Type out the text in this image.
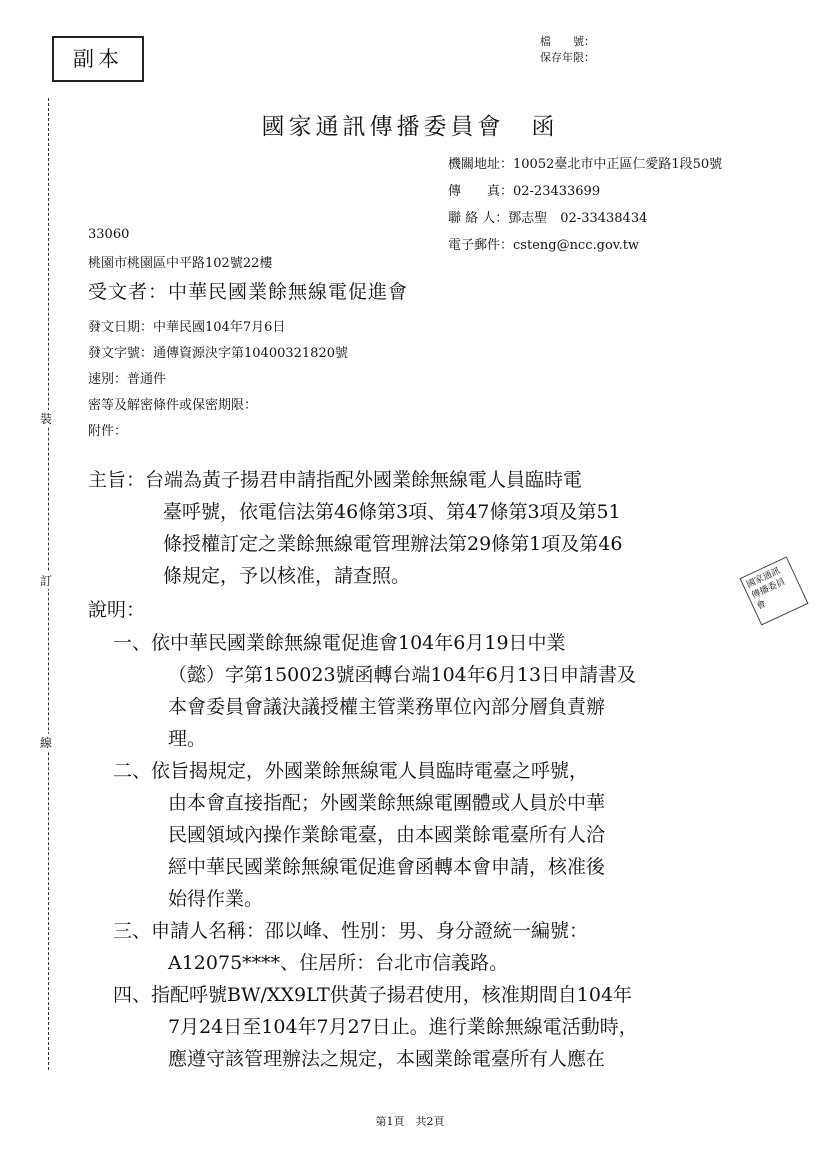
裝
訂
線
副本
檔　　號：
保存年限：
國家通訊傳播委員會　函
機關地址：10052臺北市中正區仁愛路1段50號
傳　　真：02-23433699
聯 絡 人：鄧志聖　02-33438434
電子郵件：csteng@ncc.gov.tw
33060
桃園市桃園區中平路102號22樓
受文者：中華民國業餘無線電促進會
發文日期：中華民國104年7月6日
發文字號：通傳資源決字第10400321820號
速別：普通件
密等及解密條件或保密期限：
附件：
主旨：台端為黃子揚君申請指配外國業餘無線電人員臨時電
臺呼號，依電信法第46條第3項、第47條第3項及第51
條授權訂定之業餘無線電管理辦法第29條第1項及第46
條規定，予以核准，請查照。
說明：
一、依中華民國業餘無線電促進會104年6月19日中業
（懿）字第150023號函轉台端104年6月13日申請書及
本會委員會議決議授權主管業務單位內部分層負責辦
理。
二、依旨揭規定，外國業餘無線電人員臨時電臺之呼號，
由本會直接指配；外國業餘無線電團體或人員於中華
民國領域內操作業餘電臺，由本國業餘電臺所有人洽
經中華民國業餘無線電促進會函轉本會申請，核准後
始得作業。
三、申請人名稱：邵以峰、性別：男、身分證統一編號：
A12075****、住居所：台北市信義路。
四、指配呼號BW/XX9LT供黃子揚君使用，核准期間自104年
7月24日至104年7月27日止。進行業餘無線電活動時，
應遵守該管理辦法之規定，本國業餘電臺所有人應在
國家通訊傳播委員會
第1頁　共2頁
